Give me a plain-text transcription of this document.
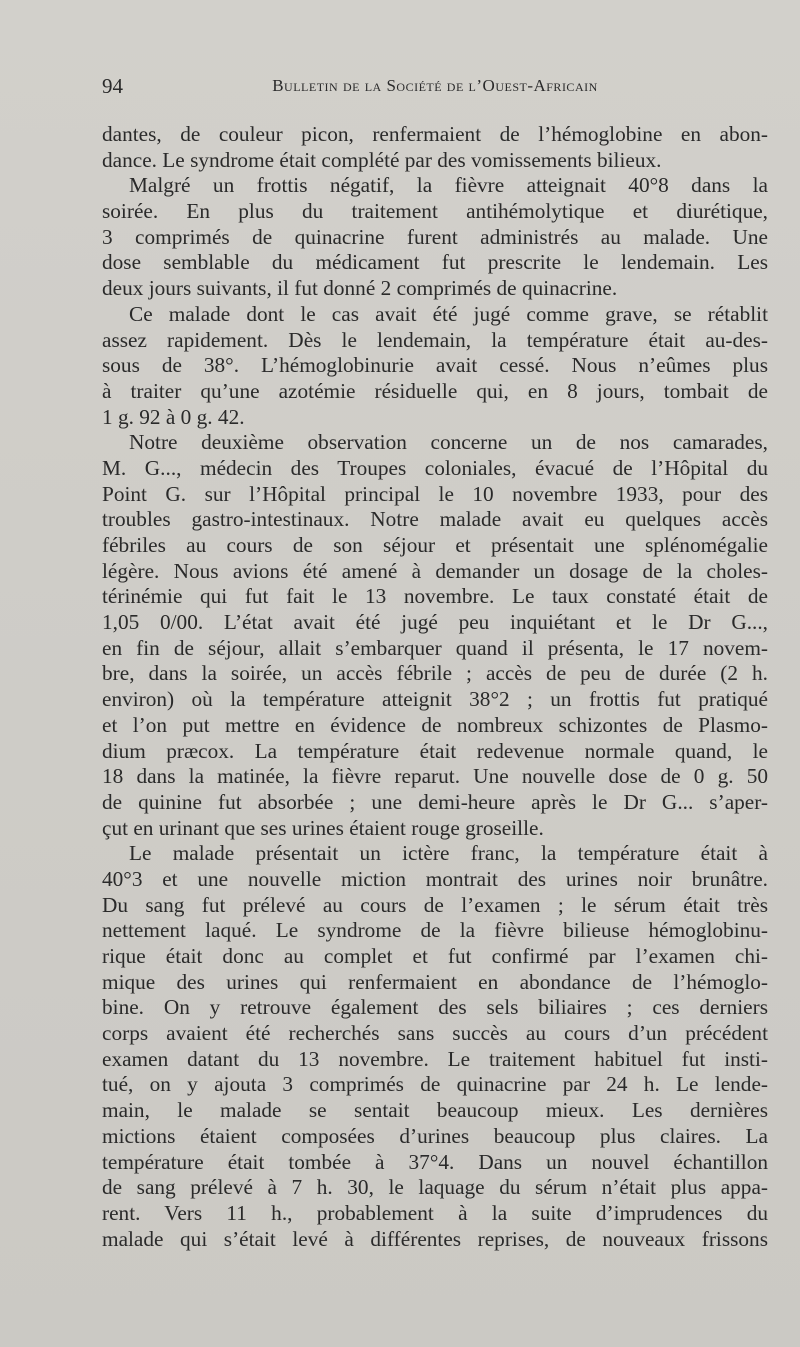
94	Bulletin de la Société de l’Ouest-Africain
dantes, de couleur picon, renfermaient de l’hémoglobine en abon-
dance. Le syndrome était complété par des vomissements bilieux.
Malgré un frottis négatif, la fièvre atteignait 40°8 dans la
soirée. En plus du traitement antihémolytique et diurétique,
3 comprimés de quinacrine furent administrés au malade. Une
dose semblable du médicament fut prescrite le lendemain. Les
deux jours suivants, il fut donné 2 comprimés de quinacrine.
Ce malade dont le cas avait été jugé comme grave, se rétablit
assez rapidement. Dès le lendemain, la température était au-des-
sous de 38°. L’hémoglobinurie avait cessé. Nous n’eûmes plus
à traiter qu’une azotémie résiduelle qui, en 8 jours, tombait de
1 g. 92 à 0 g. 42.
Notre deuxième observation concerne un de nos camarades,
M. G..., médecin des Troupes coloniales, évacué de l’Hôpital du
Point G. sur l’Hôpital principal le 10 novembre 1933, pour des
troubles gastro-intestinaux. Notre malade avait eu quelques accès
fébriles au cours de son séjour et présentait une splénomégalie
légère. Nous avions été amené à demander un dosage de la choles-
térinémie qui fut fait le 13 novembre. Le taux constaté était de
1,05 0/00. L’état avait été jugé peu inquiétant et le Dr G...,
en fin de séjour, allait s’embarquer quand il présenta, le 17 novem-
bre, dans la soirée, un accès fébrile ; accès de peu de durée (2 h.
environ) où la température atteignit 38°2 ; un frottis fut pratiqué
et l’on put mettre en évidence de nombreux schizontes de Plasmo-
dium præcox. La température était redevenue normale quand, le
18 dans la matinée, la fièvre reparut. Une nouvelle dose de 0 g. 50
de quinine fut absorbée ; une demi-heure après le Dr G... s’aper-
çut en urinant que ses urines étaient rouge groseille.
Le malade présentait un ictère franc, la température était à
40°3 et une nouvelle miction montrait des urines noir brunâtre.
Du sang fut prélevé au cours de l’examen ; le sérum était très
nettement laqué. Le syndrome de la fièvre bilieuse hémoglobinu-
rique était donc au complet et fut confirmé par l’examen chi-
mique des urines qui renfermaient en abondance de l’hémoglo-
bine. On y retrouve également des sels biliaires ; ces derniers
corps avaient été recherchés sans succès au cours d’un précédent
examen datant du 13 novembre. Le traitement habituel fut insti-
tué, on y ajouta 3 comprimés de quinacrine par 24 h. Le lende-
main, le malade se sentait beaucoup mieux. Les dernières
mictions étaient composées d’urines beaucoup plus claires. La
température était tombée à 37°4. Dans un nouvel échantillon
de sang prélevé à 7 h. 30, le laquage du sérum n’était plus appa-
rent. Vers 11 h., probablement à la suite d’imprudences du
malade qui s’était levé à différentes reprises, de nouveaux frissons
